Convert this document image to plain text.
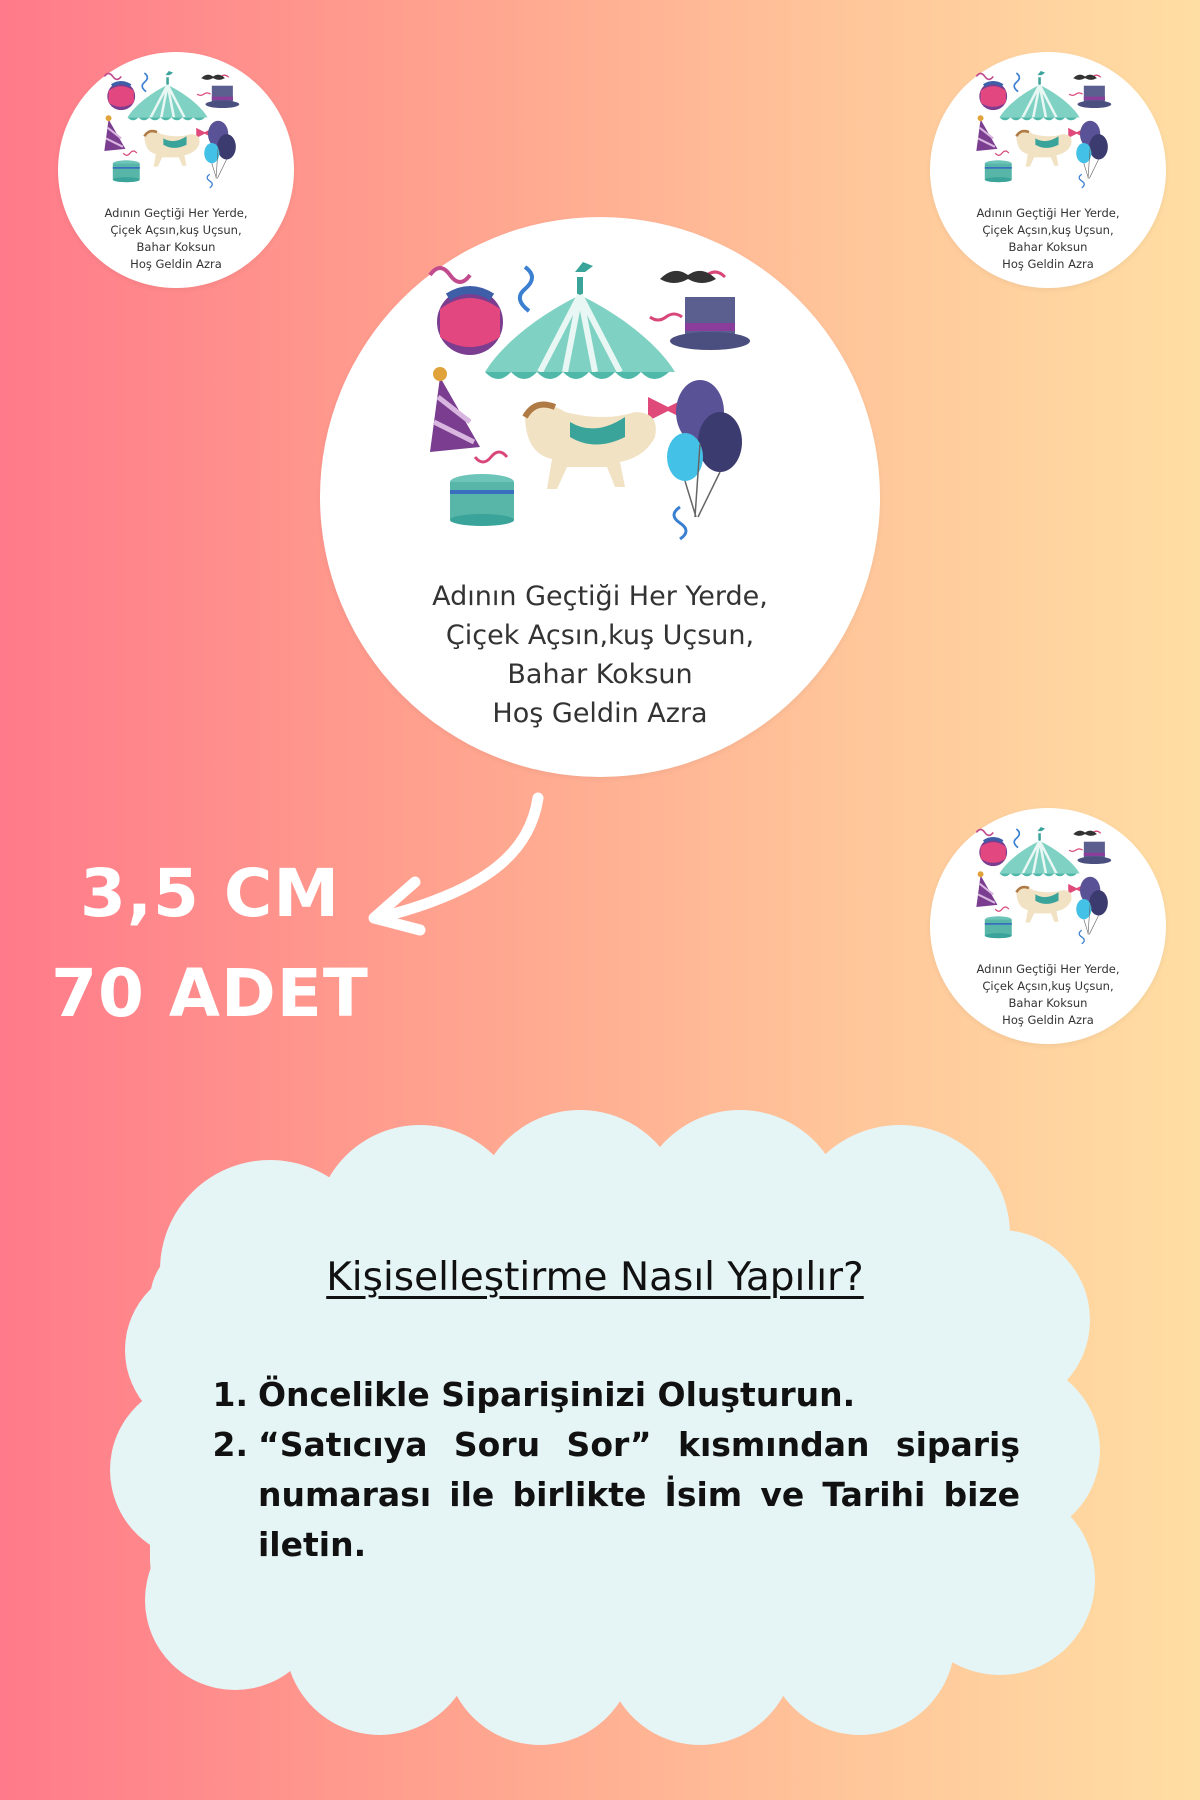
Adının Geçtiği Her Yerde,
Çiçek Açsın,kuş Uçsun,
Bahar Koksun
Hoş Geldin Azra
Adının Geçtiği Her Yerde,
Çiçek Açsın,kuş Uçsun,
Bahar Koksun
Hoş Geldin Azra
Adının Geçtiği Her Yerde,
Çiçek Açsın,kuş Uçsun,
Bahar Koksun
Hoş Geldin Azra
Adının Geçtiği Her Yerde,
Çiçek Açsın,kuş Uçsun,
Bahar Koksun
Hoş Geldin Azra
3,5 CM
70 ADET
Kişiselleştirme Nasıl Yapılır?
1. Öncelikle Siparişinizi Oluşturun.
2. “Satıcıya Soru Sor” kısmından sipariş numarası ile birlikte İsim ve Tarihi bize iletin.
